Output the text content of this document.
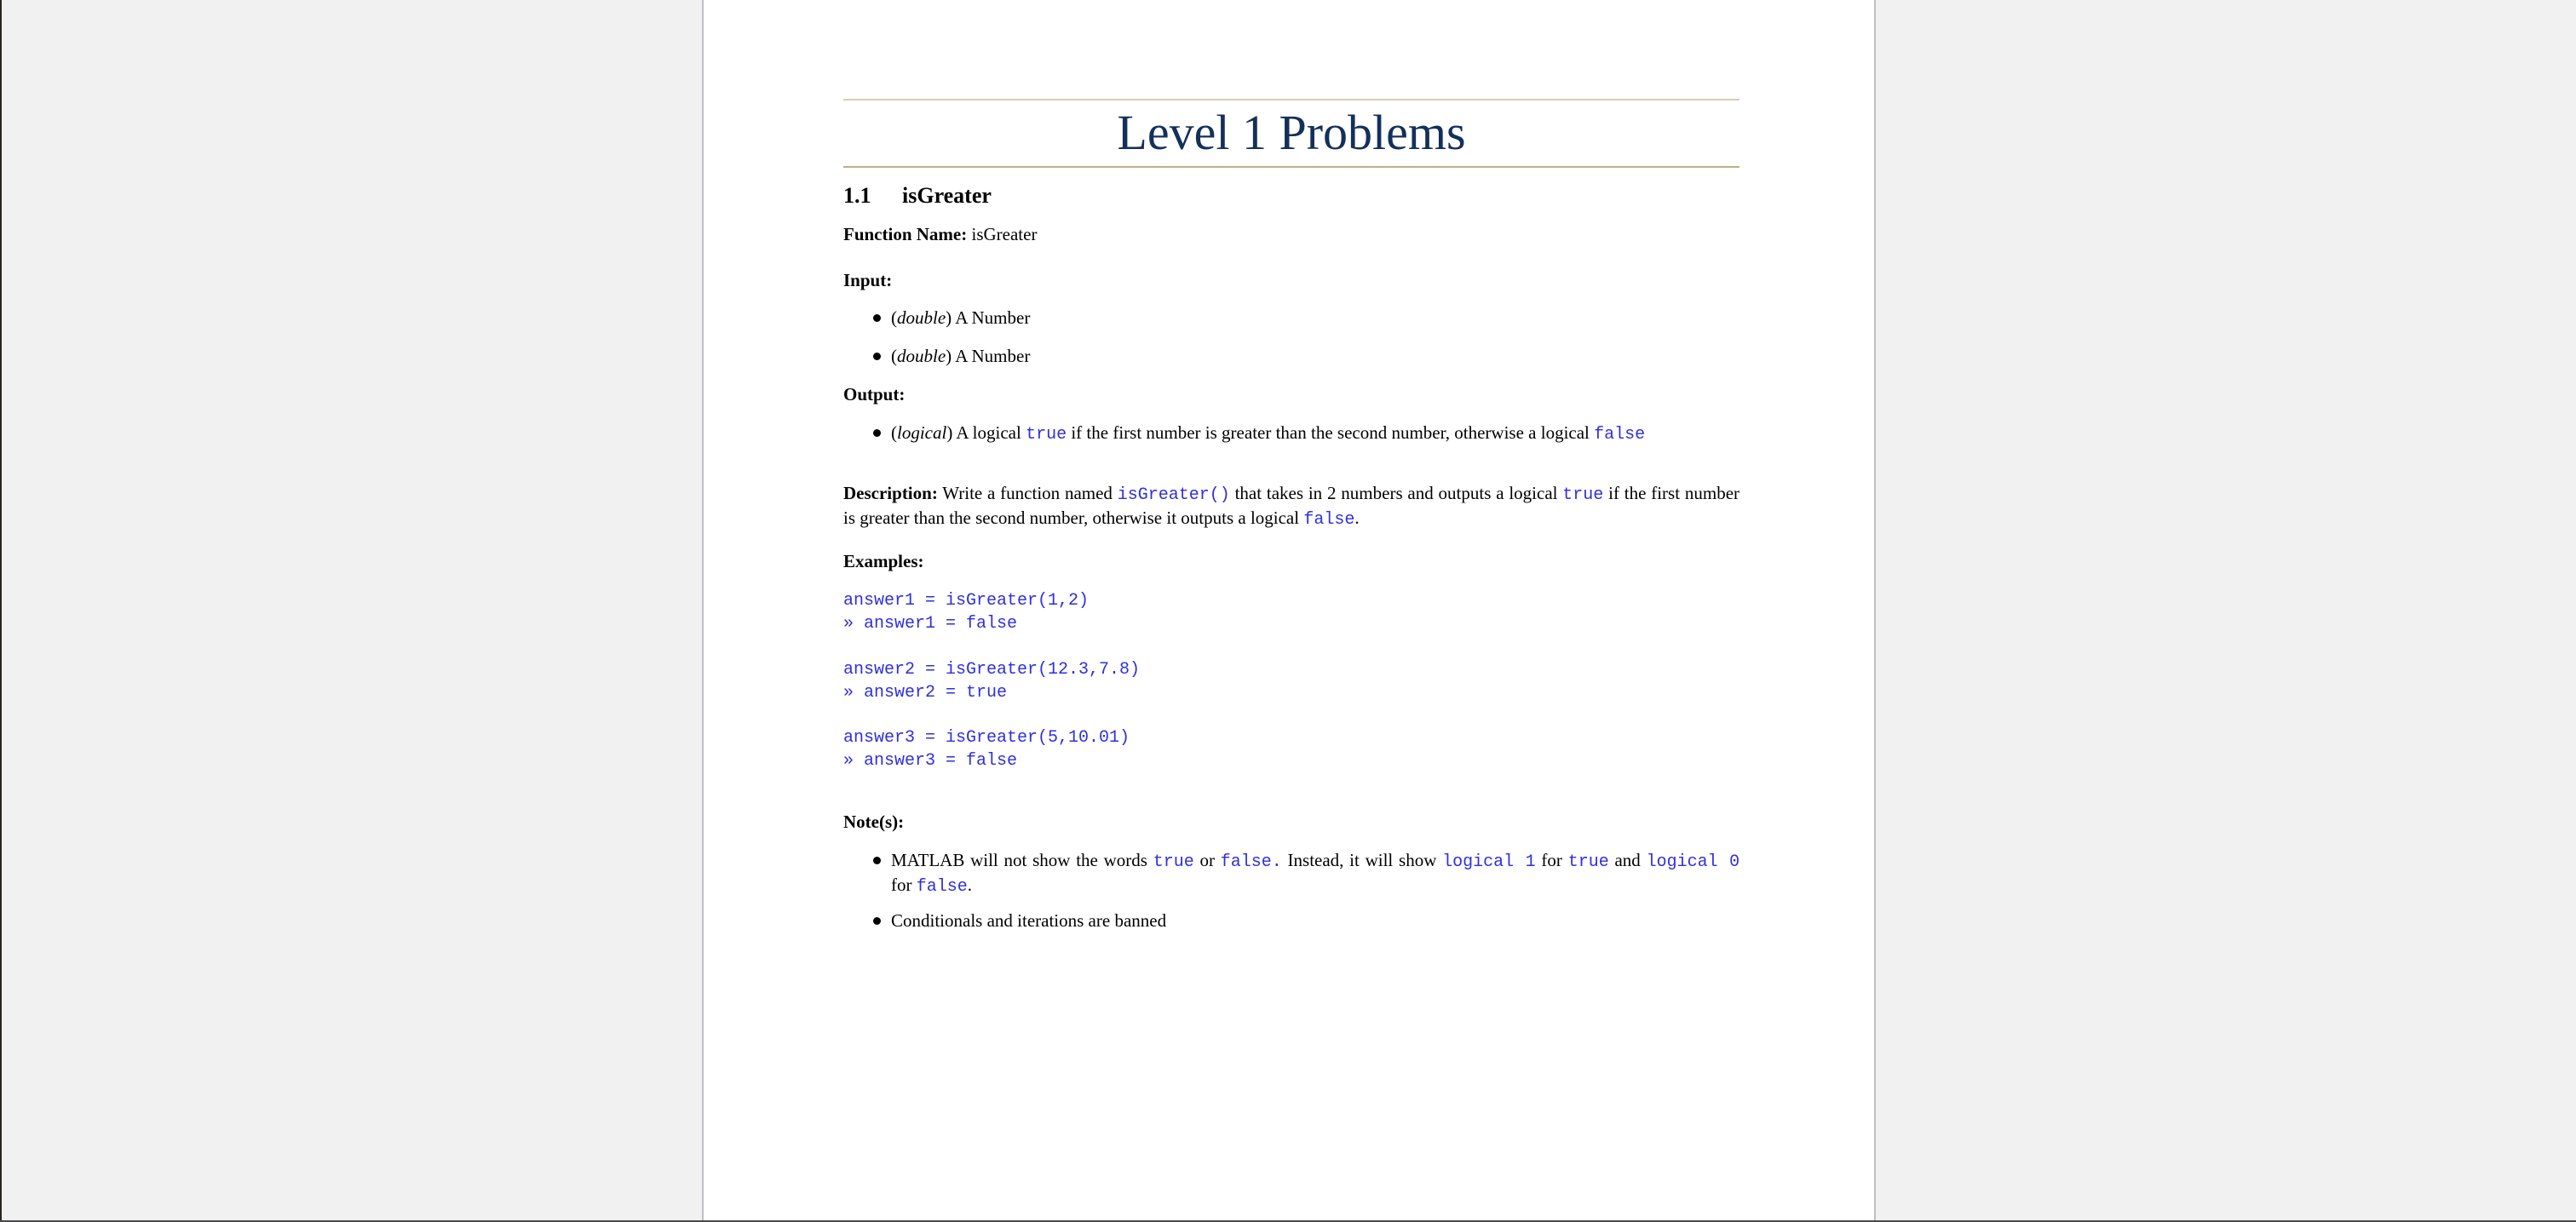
Level 1 Problems
1.1 isGreater
Function Name: isGreater
Input:
(double) A Number
(double) A Number
Output:
(logical) A logical true if the first number is greater than the second number, otherwise a logical false
Description: Write a function named isGreater() that takes in 2 numbers and outputs a logical true if the first number is greater than the second number, otherwise it outputs a logical false.
Examples:
answer1 = isGreater(1,2)
» answer1 = false
answer2 = isGreater(12.3,7.8)
» answer2 = true
answer3 = isGreater(5,10.01)
» answer3 = false
Note(s):
MATLAB will not show the words true or false. Instead, it will show logical 1 for true and logical 0 for false.
Conditionals and iterations are banned
